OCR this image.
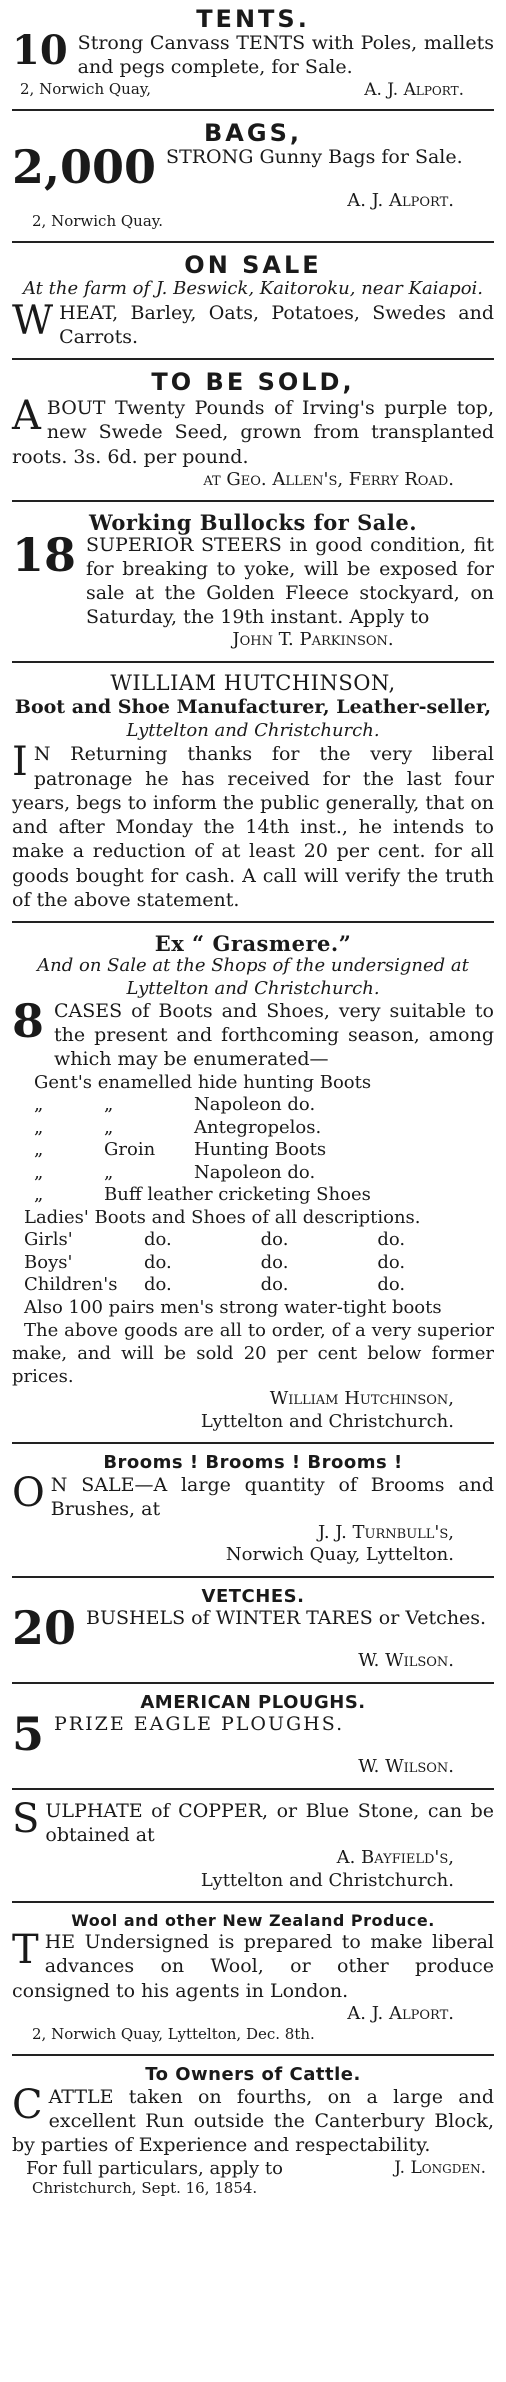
TENTS.
10 Strong Canvass TENTS with Poles, mallets and pegs complete, for Sale.
2, Norwich Quay,	A. J. Alport.
BAGS,
2,000 STRONG Gunny Bags for Sale.
A. J. Alport.
2, Norwich Quay.
ON SALE
At the farm of J. Beswick, Kaitoroku, near Kaiapoi.
WHEAT, Barley, Oats, Potatoes, Swedes and Carrots.
TO BE SOLD,
ABOUT Twenty Pounds of Irving's purple top, new Swede Seed, grown from transplanted roots. 3s. 6d. per pound.
at Geo. Allen's, Ferry Road.
Working Bullocks for Sale.
18 SUPERIOR STEERS in good condition, fit for breaking to yoke, will be exposed for sale at the Golden Fleece stockyard, on Saturday, the 19th instant. Apply to
John T. Parkinson.
WILLIAM HUTCHINSON,
Boot and Shoe Manufacturer, Leather-seller,
Lyttelton and Christchurch.
I N Returning thanks for the very liberal patronage he has received for the last four years, begs to inform the public generally, that on and after Monday the 14th inst., he intends to make a reduction of at least 20 per cent. for all goods bought for cash. A call will verify the truth of the above statement.
Ex “ Grasmere.”
And on Sale at the Shops of the undersigned at Lyttelton and Christchurch.
8 CASES of Boots and Shoes, very suitable to the present and forthcoming season, among which may be enumerated—
Gent's enamelled hide hunting Boots
„	„	Napoleon do.
„	„	Antegropelos.
„	Groin	Hunting Boots
„	„	Napoleon do.
„	Buff leather cricketing Shoes	
Ladies' Boots and Shoes of all descriptions.
Girls'	do.	do.	do.
Boys'	do.	do.	do.
Children's	do.	do.	do.
Also 100 pairs men's strong water-tight boots
The above goods are all to order, of a very superior make, and will be sold 20 per cent below former prices.
William Hutchinson,
Lyttelton and Christchurch.
Brooms ! Brooms ! Brooms !
O N SALE—A large quantity of Brooms and Brushes, at
J. J. Turnbull's,
Norwich Quay, Lyttelton.
VETCHES.
20 BUSHELS of WINTER TARES or Vetches.
W. Wilson.
AMERICAN PLOUGHS.
5 PRIZE EAGLE PLOUGHS.
W. Wilson.
SULPHATE of COPPER, or Blue Stone, can be obtained at
A. Bayfield's,
Lyttelton and Christchurch.
Wool and other New Zealand Produce.
THE Undersigned is prepared to make liberal advances on Wool, or other produce consigned to his agents in London.
A. J. Alport.
2, Norwich Quay, Lyttelton, Dec. 8th.
To Owners of Cattle.
CATTLE taken on fourths, on a large and excellent Run outside the Canterbury Block, by parties of Experience and respectability.
For full particulars, apply to	J. Longden.
Christchurch, Sept. 16, 1854.
